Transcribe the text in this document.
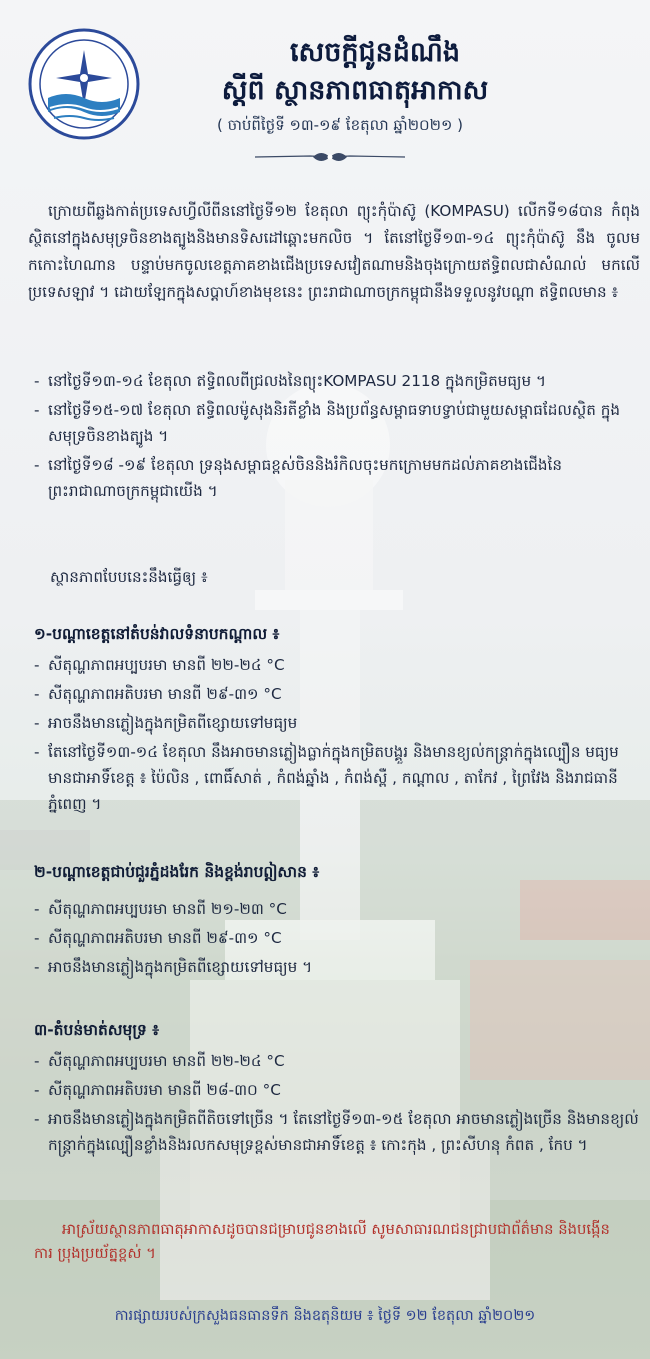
សេចក្តីជូនដំណឹង
ស្តីពី ស្ថានភាពធាតុអាកាស
( ចាប់ពីថ្ងៃទី ១៣-១៩ ខែតុលា ឆ្នាំ២០២១ )
ក្រោយពីឆ្លងកាត់ប្រទេសហ្វីលីពីននៅថ្ងៃទី១២ ខែតុលា ព្យុះកុំប៉ាស៊ូ (KOMPASU) លើកទី១៨បាន កំពុងស្ថិតនៅក្នុងសមុទ្រចិនខាងត្បូងនិងមានទិសដៅឆ្ពោះមកលិច ។ តែនៅថ្ងៃទី១៣-១៤ ព្យុះកុំប៉ាស៊ូ នឹង ចូលមកកោះហៃណាន បន្ទាប់មកចូលខេត្តភាគខាងជើងប្រទេសវៀតណាមនិងចុងក្រោយឥទ្ធិពលជាសំណល់ មកលើប្រទេសឡាវ ។ ដោយឡែកក្នុងសប្តាហ៍ខាងមុខនេះ ព្រះរាជាណាចក្រកម្ពុជានឹងទទួលនូវបណ្តា ឥទ្ធិពលមាន ៖
- នៅថ្ងៃទី១៣-១៤ ខែតុលា ឥទ្ធិពលពីជ្រលងនៃព្យុះKOMPASU 2118 ក្នុងកម្រិតមធ្យម ។
- នៅថ្ងៃទី១៥-១៧ ខែតុលា ឥទ្ធិពលម៉ូសុងនិរតីខ្លាំង និងប្រព័ន្ធសម្ពាធទាបទ្វាប់ជាមួយសម្ពាធដែលស្ថិត ក្នុងសមុទ្រចិនខាងត្បូង ។
- នៅថ្ងៃទី១៨ -១៩ ខែតុលា ទ្រនុងសម្ពាធខ្ពស់ចិននិងរំកិលចុះមកក្រោមមកដល់ភាគខាងជើងនៃ ព្រះរាជាណាចក្រកម្ពុជាយើង ។
ស្ថានភាពបែបនេះនឹងធ្វើឲ្យ ៖
១-បណ្តាខេត្តនៅតំបន់វាលទំនាបកណ្តាល ៖
- សីតុណ្ហភាពអប្បបរមា មានពី ២២-២៤ °C
- សីតុណ្ហភាពអតិបរមា មានពី ២៩-៣១ °C
- អាចនឹងមានភ្លៀងក្នុងកម្រិតពីខ្សោយទៅមធ្យម
- តែនៅថ្ងៃទី១៣-១៤ ខែតុលា នឹងអាចមានភ្លៀងធ្លាក់ក្នុងកម្រិតបង្គួរ និងមានខ្យល់កន្ត្រាក់ក្នុងល្បឿន មធ្យមមានជាអាទិ៍ខេត្ត ៖ ប៉ៃលិន , ពោធិ៍សាត់ , កំពង់ឆ្នាំង , កំពង់ស្ពឺ , កណ្តាល , តាកែវ , ព្រៃវែង និងរាជធានីភ្នំពេញ ។
២-បណ្តាខេត្តជាប់ជួរភ្នំដងរែក និងខ្ពង់រាបឦសាន ៖
- សីតុណ្ហភាពអប្បបរមា មានពី ២១-២៣ °C
- សីតុណ្ហភាពអតិបរមា មានពី ២៩-៣១ °C
- អាចនឹងមានភ្លៀងក្នុងកម្រិតពីខ្សោយទៅមធ្យម ។
៣-តំបន់មាត់សមុទ្រ ៖
- សីតុណ្ហភាពអប្បបរមា មានពី ២២-២៤ °C
- សីតុណ្ហភាពអតិបរមា មានពី ២៨-៣០ °C
- អាចនឹងមានភ្លៀងក្នុងកម្រិតពីតិចទៅច្រើន ។ តែនៅថ្ងៃទី១៣-១៥ ខែតុលា អាចមានភ្លៀងច្រើន និងមានខ្យល់កន្ត្រាក់ក្នុងល្បឿនខ្លាំងនិងរលកសមុទ្រខ្ពស់មានជាអាទិ៍ខេត្ត ៖ កោះកុង , ព្រះសីហនុ កំពត , កែប ។
អាស្រ័យស្ថានភាពធាតុអាកាសដូចបានជម្រាបជូនខាងលើ សូមសាធារណជនជ្រាបជាព័ត៌មាន និងបង្កើនការ ប្រុងប្រយ័ត្នខ្ពស់ ។
ការផ្សាយរបស់ក្រសួងធនធានទឹក និងឧតុនិយម ៖ ថ្ងៃទី ១២ ខែតុលា ឆ្នាំ២០២១
